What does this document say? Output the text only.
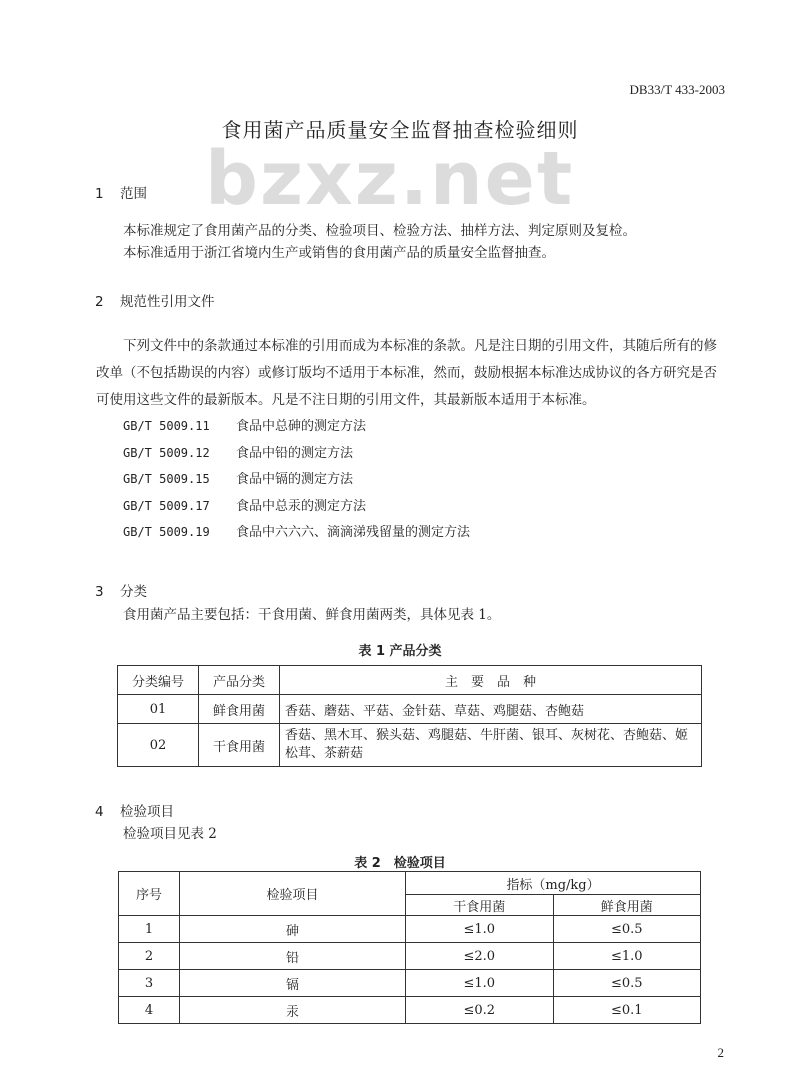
DB33/T 433-2003
食用菌产品质量安全监督抽查检验细则
bzxz.net
1 范围
本标准规定了食用菌产品的分类、检验项目、检验方法、抽样方法、判定原则及复检。
本标准适用于浙江省境内生产或销售的食用菌产品的质量安全监督抽查。
2 规范性引用文件
下列文件中的条款通过本标准的引用而成为本标准的条款。凡是注日期的引用文件，其随后所有的修改单（不包括勘误的内容）或修订版均不适用于本标准，然而，鼓励根据本标准达成协议的各方研究是否可使用这些文件的最新版本。凡是不注日期的引用文件，其最新版本适用于本标准。
GB/T 5009.11 食品中总砷的测定方法
GB/T 5009.12 食品中铅的测定方法
GB/T 5009.15 食品中镉的测定方法
GB/T 5009.17 食品中总汞的测定方法
GB/T 5009.19 食品中六六六、滴滴涕残留量的测定方法
3 分类
食用菌产品主要包括：干食用菌、鲜食用菌两类，具体见表 1。
表 1 产品分类
分类编号	产品分类	主　要　品　种
01	鲜食用菌	香菇、蘑菇、平菇、金针菇、草菇、鸡腿菇、杏鲍菇
02	干食用菌	香菇、黑木耳、猴头菇、鸡腿菇、牛肝菌、银耳、灰树花、杏鲍菇、姬松茸、茶薪菇
4 检验项目
检验项目见表 2
表 2　检验项目
序号	检验项目	指标（mg/kg）	
		干食用菌	鲜食用菌
1	砷	≤1.0	≤0.5
2	铅	≤2.0	≤1.0
3	镉	≤1.0	≤0.5
4	汞	≤0.2	≤0.1
2
